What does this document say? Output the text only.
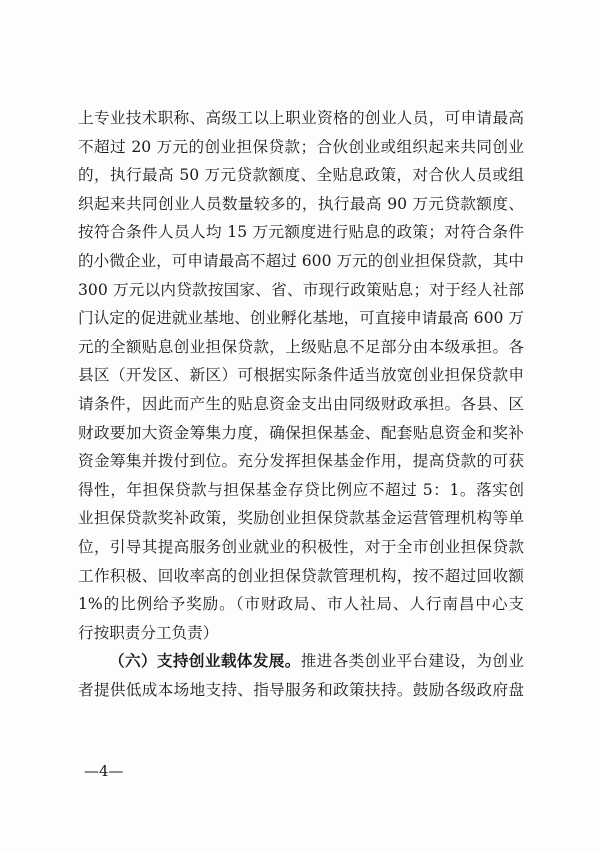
上专业技术职称、高级工以上职业资格的创业人员，可申请最高
不超过 20 万元的创业担保贷款；合伙创业或组织起来共同创业
的，执行最高 50 万元贷款额度、全贴息政策，对合伙人员或组
织起来共同创业人员数量较多的，执行最高 90 万元贷款额度、
按符合条件人员人均 15 万元额度进行贴息的政策；对符合条件
的小微企业，可申请最高不超过 600 万元的创业担保贷款，其中
300 万元以内贷款按国家、省、市现行政策贴息；对于经人社部
门认定的促进就业基地、创业孵化基地，可直接申请最高 600 万
元的全额贴息创业担保贷款，上级贴息不足部分由本级承担。各
县区（开发区、新区）可根据实际条件适当放宽创业担保贷款申
请条件，因此而产生的贴息资金支出由同级财政承担。各县、区
财政要加大资金筹集力度，确保担保基金、配套贴息资金和奖补
资金筹集并拨付到位。充分发挥担保基金作用，提高贷款的可获
得性，年担保贷款与担保基金存贷比例应不超过 5：1。落实创
业担保贷款奖补政策，奖励创业担保贷款基金运营管理机构等单
位，引导其提高服务创业就业的积极性，对于全市创业担保贷款
工作积极、回收率高的创业担保贷款管理机构，按不超过回收额
1%的比例给予奖励。（市财政局、市人社局、人行南昌中心支
行按职责分工负责）
（六）支持创业载体发展。推进各类创业平台建设，为创业
者提供低成本场地支持、指导服务和政策扶持。鼓励各级政府盘
—4—
